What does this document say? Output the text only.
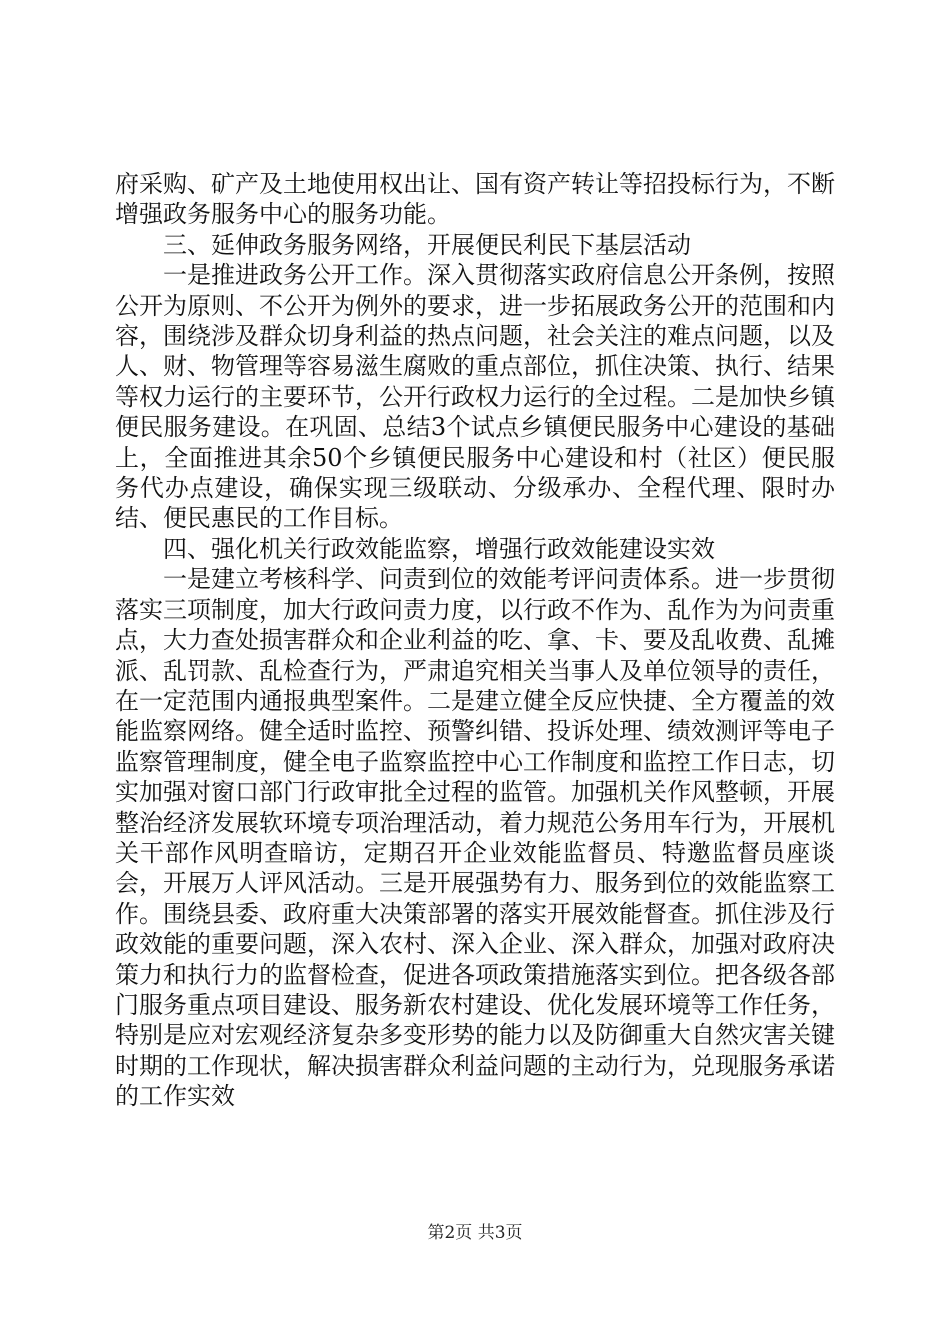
府采购、矿产及土地使用权出让、国有资产转让等招投标行为，不断增强政务服务中心的服务功能。

三、延伸政务服务网络，开展便民利民下基层活动

一是推进政务公开工作。深入贯彻落实政府信息公开条例，按照公开为原则、不公开为例外的要求，进一步拓展政务公开的范围和内容，围绕涉及群众切身利益的热点问题，社会关注的难点问题，以及人、财、物管理等容易滋生腐败的重点部位，抓住决策、执行、结果等权力运行的主要环节，公开行政权力运行的全过程。二是加快乡镇便民服务建设。在巩固、总结3个试点乡镇便民服务中心建设的基础上，全面推进其余50个乡镇便民服务中心建设和村（社区）便民服务代办点建设，确保实现三级联动、分级承办、全程代理、限时办结、便民惠民的工作目标。

四、强化机关行政效能监察，增强行政效能建设实效

一是建立考核科学、问责到位的效能考评问责体系。进一步贯彻落实三项制度，加大行政问责力度，以行政不作为、乱作为为问责重点，大力查处损害群众和企业利益的吃、拿、卡、要及乱收费、乱摊派、乱罚款、乱检查行为，严肃追究相关当事人及单位领导的责任，在一定范围内通报典型案件。二是建立健全反应快捷、全方覆盖的效能监察网络。健全适时监控、预警纠错、投诉处理、绩效测评等电子监察管理制度，健全电子监察监控中心工作制度和监控工作日志，切实加强对窗口部门行政审批全过程的监管。加强机关作风整顿，开展整治经济发展软环境专项治理活动，着力规范公务用车行为，开展机关干部作风明查暗访，定期召开企业效能监督员、特邀监督员座谈会，开展万人评风活动。三是开展强势有力、服务到位的效能监察工作。围绕县委、政府重大决策部署的落实开展效能督查。抓住涉及行政效能的重要问题，深入农村、深入企业、深入群众，加强对政府决策力和执行力的监督检查，促进各项政策措施落实到位。把各级各部门服务重点项目建设、服务新农村建设、优化发展环境等工作任务，特别是应对宏观经济复杂多变形势的能力以及防御重大自然灾害关键时期的工作现状，解决损害群众利益问题的主动行为，兑现服务承诺的工作实效

第2页 共3页
